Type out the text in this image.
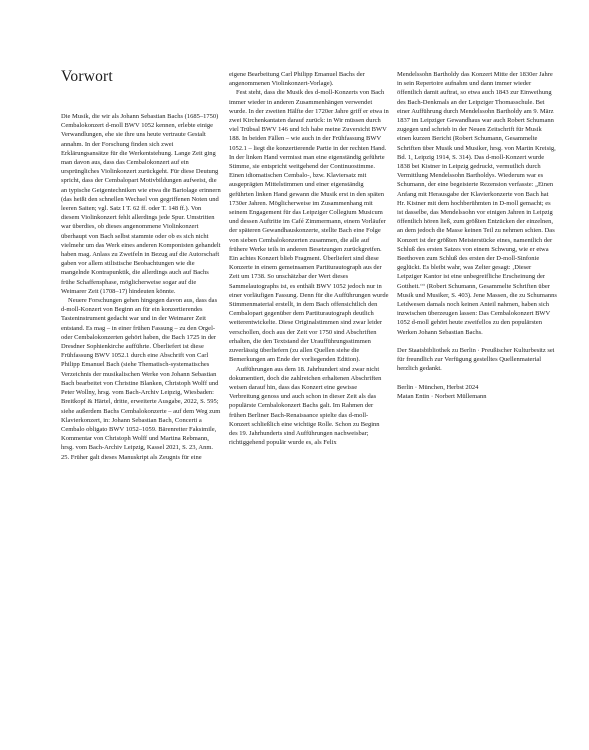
Vorwort

Die Musik, die wir als Johann Sebastian Bachs (1685–1750) Cembalokonzert d-moll BWV 1052 kennen, erlebte einige Verwandlungen, ehe sie ihre uns heute vertraute Gestalt annahm. In der Forschung finden sich zwei Erklärungsansätze für die Werkentstehung. Lange Zeit ging man davon aus, dass das Cembalokonzert auf ein ursprüngliches Violinkonzert zurückgeht. Für diese Deutung spricht, dass der Cembalopart Motivbildungen aufweist, die an typische Geigentechniken wie etwa die Bariolage erinnern (das heißt den schnellen Wechsel von gegriffenen Noten und leeren Saiten; vgl. Satz I T. 62 ff. oder T. 148 ff.). Von diesem Violinkonzert fehlt allerdings jede Spur. Umstritten war überdies, ob dieses angenommene Violinkonzert überhaupt von Bach selbst stammte oder ob es sich nicht vielmehr um das Werk eines anderen Komponisten gehandelt haben mag. Anlass zu Zweifeln in Bezug auf die Autorschaft gaben vor allem stilistische Beobachtungen wie die mangelnde Kontrapunktik, die allerdings auch auf Bachs frühe Schaffensphase, möglicherweise sogar auf die Weimarer Zeit (1708–17) hindeuten könnte.

Neuere Forschungen gehen hingegen davon aus, dass das d-moll-Konzert von Beginn an für ein konzertierendes Tasteninstrument gedacht war und in der Weimarer Zeit entstand. Es mag – in einer frühen Fassung – zu den Orgel- oder Cembalokonzerten gehört haben, die Bach 1725 in der Dresdner Sophienkirche aufführte. Überliefert ist diese Frühfassung BWV 1052.1 durch eine Abschrift von Carl Philipp Emanuel Bach (siehe Thematisch-systematisches Verzeichnis der musikalischen Werke von Johann Sebastian Bach bearbeitet von Christine Blanken, Christoph Wolff und Peter Wollny, hrsg. vom Bach-Archiv Leipzig, Wiesbaden: Breitkopf & Härtel, dritte, erweiterte Ausgabe, 2022, S. 595; siehe außerdem Bachs Cembalokonzerte – auf dem Weg zum Klavierkonzert, in: Johann Sebastian Bach, Concerti a Cembalo obligato BWV 1052–1059. Bärenreiter Faksimile, Kommentar von Christoph Wolff und Martina Rebmann, hrsg. vom Bach-Archiv Leipzig, Kassel 2021, S. 23, Anm. 25. Früher galt dieses Manuskript als Zeugnis für eine

eigene Bearbeitung Carl Philipp Emanuel Bachs der angenommenen Violinkonzert-Vorlage).

Fest steht, dass die Musik des d-moll-Konzerts von Bach immer wieder in anderen Zusammenhängen verwendet wurde. In der zweiten Hälfte der 1720er Jahre griff er etwa in zwei Kirchenkantaten darauf zurück: in Wir müssen durch viel Trübsal BWV 146 und Ich habe meine Zuversicht BWV 188. In beiden Fällen – wie auch in der Frühfassung BWV 1052.1 – liegt die konzertierende Partie in der rechten Hand. In der linken Hand vermisst man eine eigenständig geführte Stimme, sie entspricht weitgehend der Continuostimme. Einen idiomatischen Cembalo-, bzw. Klaviersatz mit ausgeprägten Mittelstimmen und einer eigenständig geführten linken Hand gewann die Musik erst in den späten 1730er Jahren. Möglicherweise im Zusammenhang mit seinem Engagement für das Leipziger Collegium Musicum und dessen Auftritte im Café Zimmermann, einem Vorläufer der späteren Gewandhauskonzerte, stellte Bach eine Folge von sieben Cembalokonzerten zusammen, die alle auf frühere Werke teils in anderen Besetzungen zurückgreifen. Ein achtes Konzert blieb Fragment. Überliefert sind diese Konzerte in einem gemeinsamen Partiturautograph aus der Zeit um 1738. So unschätzbar der Wert dieses Sammelautographs ist, es enthält BWV 1052 jedoch nur in einer vorläufigen Fassung. Denn für die Aufführungen wurde Stimmenmaterial erstellt, in dem Bach offensichtlich den Cembalopart gegenüber dem Partiturautograph deutlich weiterentwickelte. Diese Originalstimmen sind zwar leider verschollen, doch aus der Zeit vor 1750 sind Abschriften erhalten, die den Textstand der Uraufführungsstimmen zuverlässig überliefern (zu allen Quellen siehe die Bemerkungen am Ende der vorliegenden Edition).

Aufführungen aus dem 18. Jahrhundert sind zwar nicht dokumentiert, doch die zahlreichen erhaltenen Abschriften weisen darauf hin, dass das Konzert eine gewisse Verbreitung genoss und auch schon in dieser Zeit als das populärste Cembalokonzert Bachs galt. Im Rahmen der frühen Berliner Bach-Renaissance spielte das d-moll-Konzert schließlich eine wichtige Rolle. Schon zu Beginn des 19. Jahrhunderts sind Aufführungen nachweisbar; richtiggehend populär wurde es, als Felix

Mendelssohn Bartholdy das Konzert Mitte der 1830er Jahre in sein Repertoire aufnahm und dann immer wieder öffentlich damit auftrat, so etwa auch 1843 zur Einweihung des Bach-Denkmals an der Leipziger Thomasschule. Bei einer Aufführung durch Mendelssohn Bartholdy am 9. März 1837 im Leipziger Gewandhaus war auch Robert Schumann zugegen und schrieb in der Neuen Zeitschrift für Musik einen kurzen Bericht (Robert Schumann, Gesammelte Schriften über Musik und Musiker, hrsg. von Martin Kreisig, Bd. 1, Leipzig 1914, S. 314). Das d-moll-Konzert wurde 1838 bei Kistner in Leipzig gedruckt, vermutlich durch Vermittlung Mendelssohn Bartholdys. Wiederum war es Schumann, der eine begeisterte Rezension verfasste: „Einen Anfang mit Herausgabe der Klavierkonzerte von Bach hat Hr. Kistner mit dem hochberühmten in D-moll gemacht; es ist dasselbe, das Mendelssohn vor einigen Jahren in Leipzig öffentlich hören ließ, zum größten Entzücken der einzelnen, an dem jedoch die Masse keinen Teil zu nehmen schien. Das Konzert ist der größten Meisterstücke eines, namentlich der Schluß des ersten Satzes von einem Schwung, wie er etwa Beethoven zum Schluß des ersten der D-moll-Sinfonie geglückt. Es bleibt wahr, was Zelter gesagt: ‚Dieser Leipziger Kantor ist eine unbegreifliche Erscheinung der Gottheit.‘“ (Robert Schumann, Gesammelte Schriften über Musik und Musiker, S. 403). Jene Massen, die zu Schumanns Leidwesen damals noch keinen Anteil nahmen, haben sich inzwischen überzeugen lassen: Das Cembalokonzert BWV 1052 d-moll gehört heute zweifellos zu den populärsten Werken Johann Sebastian Bachs.

Der Staatsbibliothek zu Berlin · Preußischer Kulturbesitz sei für freundlich zur Verfügung gestelltes Quellenmaterial herzlich gedankt.

Berlin · München, Herbst 2024

Matan Entin · Norbert Müllemann
